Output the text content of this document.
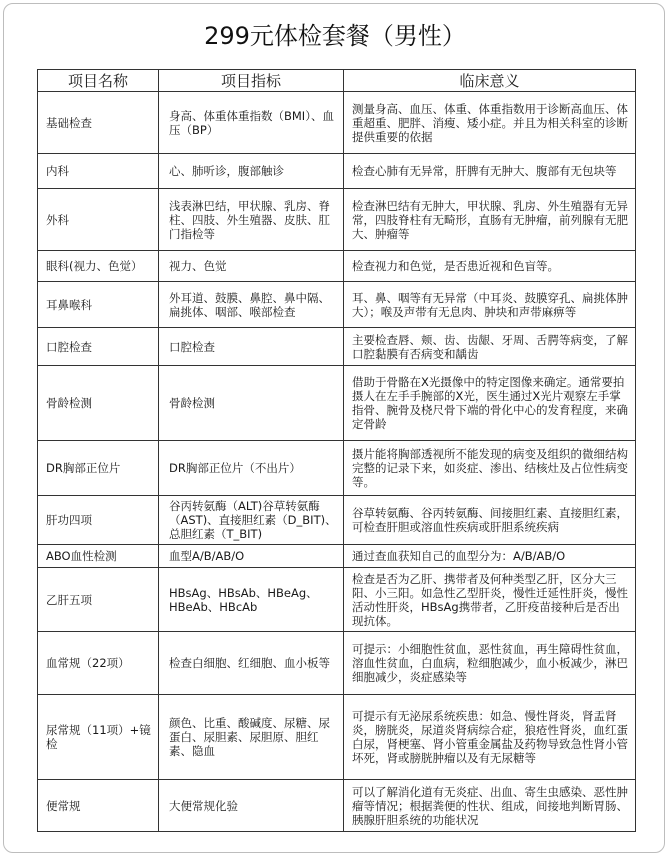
299元体检套餐（男性）
项目名称	项目指标	临床意义
基础检查	身高、体重体重指数（BMI）、血压（BP）	测量身高、血压、体重、体重指数用于诊断高血压、体重超重、肥胖、消瘦、矮小症。并且为相关科室的诊断提供重要的依据
内科	心、肺听诊，腹部触诊	检查心肺有无异常，肝脾有无肿大、腹部有无包块等
外科	浅表淋巴结，甲状腺、乳房、脊柱、四肢、外生殖器、皮肤、肛门指检等	检查淋巴结有无肿大，甲状腺、乳房、外生殖器有无异常，四肢脊柱有无畸形，直肠有无肿瘤，前列腺有无肥大、肿瘤等
眼科(视力、色觉）	视力、色觉	检查视力和色觉，是否患近视和色盲等。
耳鼻喉科	外耳道、鼓膜、鼻腔、鼻中隔、扁挑体、咽部、喉部检查	耳、鼻、咽等有无异常（中耳炎、鼓膜穿孔、扁挑体肿大）；喉及声带有无息肉、肿块和声带麻痹等
口腔检查	口腔检查	主要检查唇、颊、齿、齿龈、牙周、舌腭等病变，了解口腔黏膜有否病变和龋齿
骨龄检测	骨龄检测	借助于骨骼在X光摄像中的特定图像来确定。通常要拍摄人在左手手腕部的X光，医生通过X光片观察左手掌指骨、腕骨及桡尺骨下端的骨化中心的发育程度，来确定骨龄
DR胸部正位片	DR胸部正位片（不出片）	摄片能将胸部透视所不能发现的病变及组织的微细结构完整的记录下来，如炎症、渗出、结核灶及占位性病变等。
肝功四项	谷丙转氨酶（ALT)谷草转氨酶（AST)、直接胆红素（D_BIT)、总胆红素（T_BIT)	谷草转氨酶、谷丙转氨酶、间接胆红素、直接胆红素，可检查肝胆或溶血性疾病或肝胆系统疾病
ABO血性检测	血型A/B/AB/O	通过查血获知自己的血型分为：A/B/AB/O
乙肝五项	HBsAg、HBsAb、HBeAg、HBeAb、HBcAb	检查是否为乙肝、携带者及何种类型乙肝，区分大三阳、小三阳。如急性乙型肝炎，慢性迁延性肝炎，慢性活动性肝炎，HBsAg携带者，乙肝疫苗接种后是否出现抗体。
血常规（22项）	检查白细胞、红细胞、血小板等	可提示：小细胞性贫血，恶性贫血，再生障碍性贫血，溶血性贫血，白血病，粒细胞减少，血小板减少，淋巴细胞减少，炎症感染等
尿常规（11项）+镜检	颜色、比重、酸碱度、尿糖、尿蛋白、尿胆素、尿胆原、胆红素、隐血	可提示有无泌尿系统疾患：如急、慢性肾炎，肾盂肾炎，膀胱炎，尿道炎肾病综合症，狼疮性肾炎，血红蛋白尿，肾梗塞、肾小管重金属盐及药物导致急性肾小管坏死，肾或膀胱肿瘤以及有无尿糖等
便常规	大便常规化验	可以了解消化道有无炎症、出血、寄生虫感染、恶性肿瘤等情况；根据粪便的性状、组成，间接地判断胃肠、胰腺肝胆系统的功能状况
